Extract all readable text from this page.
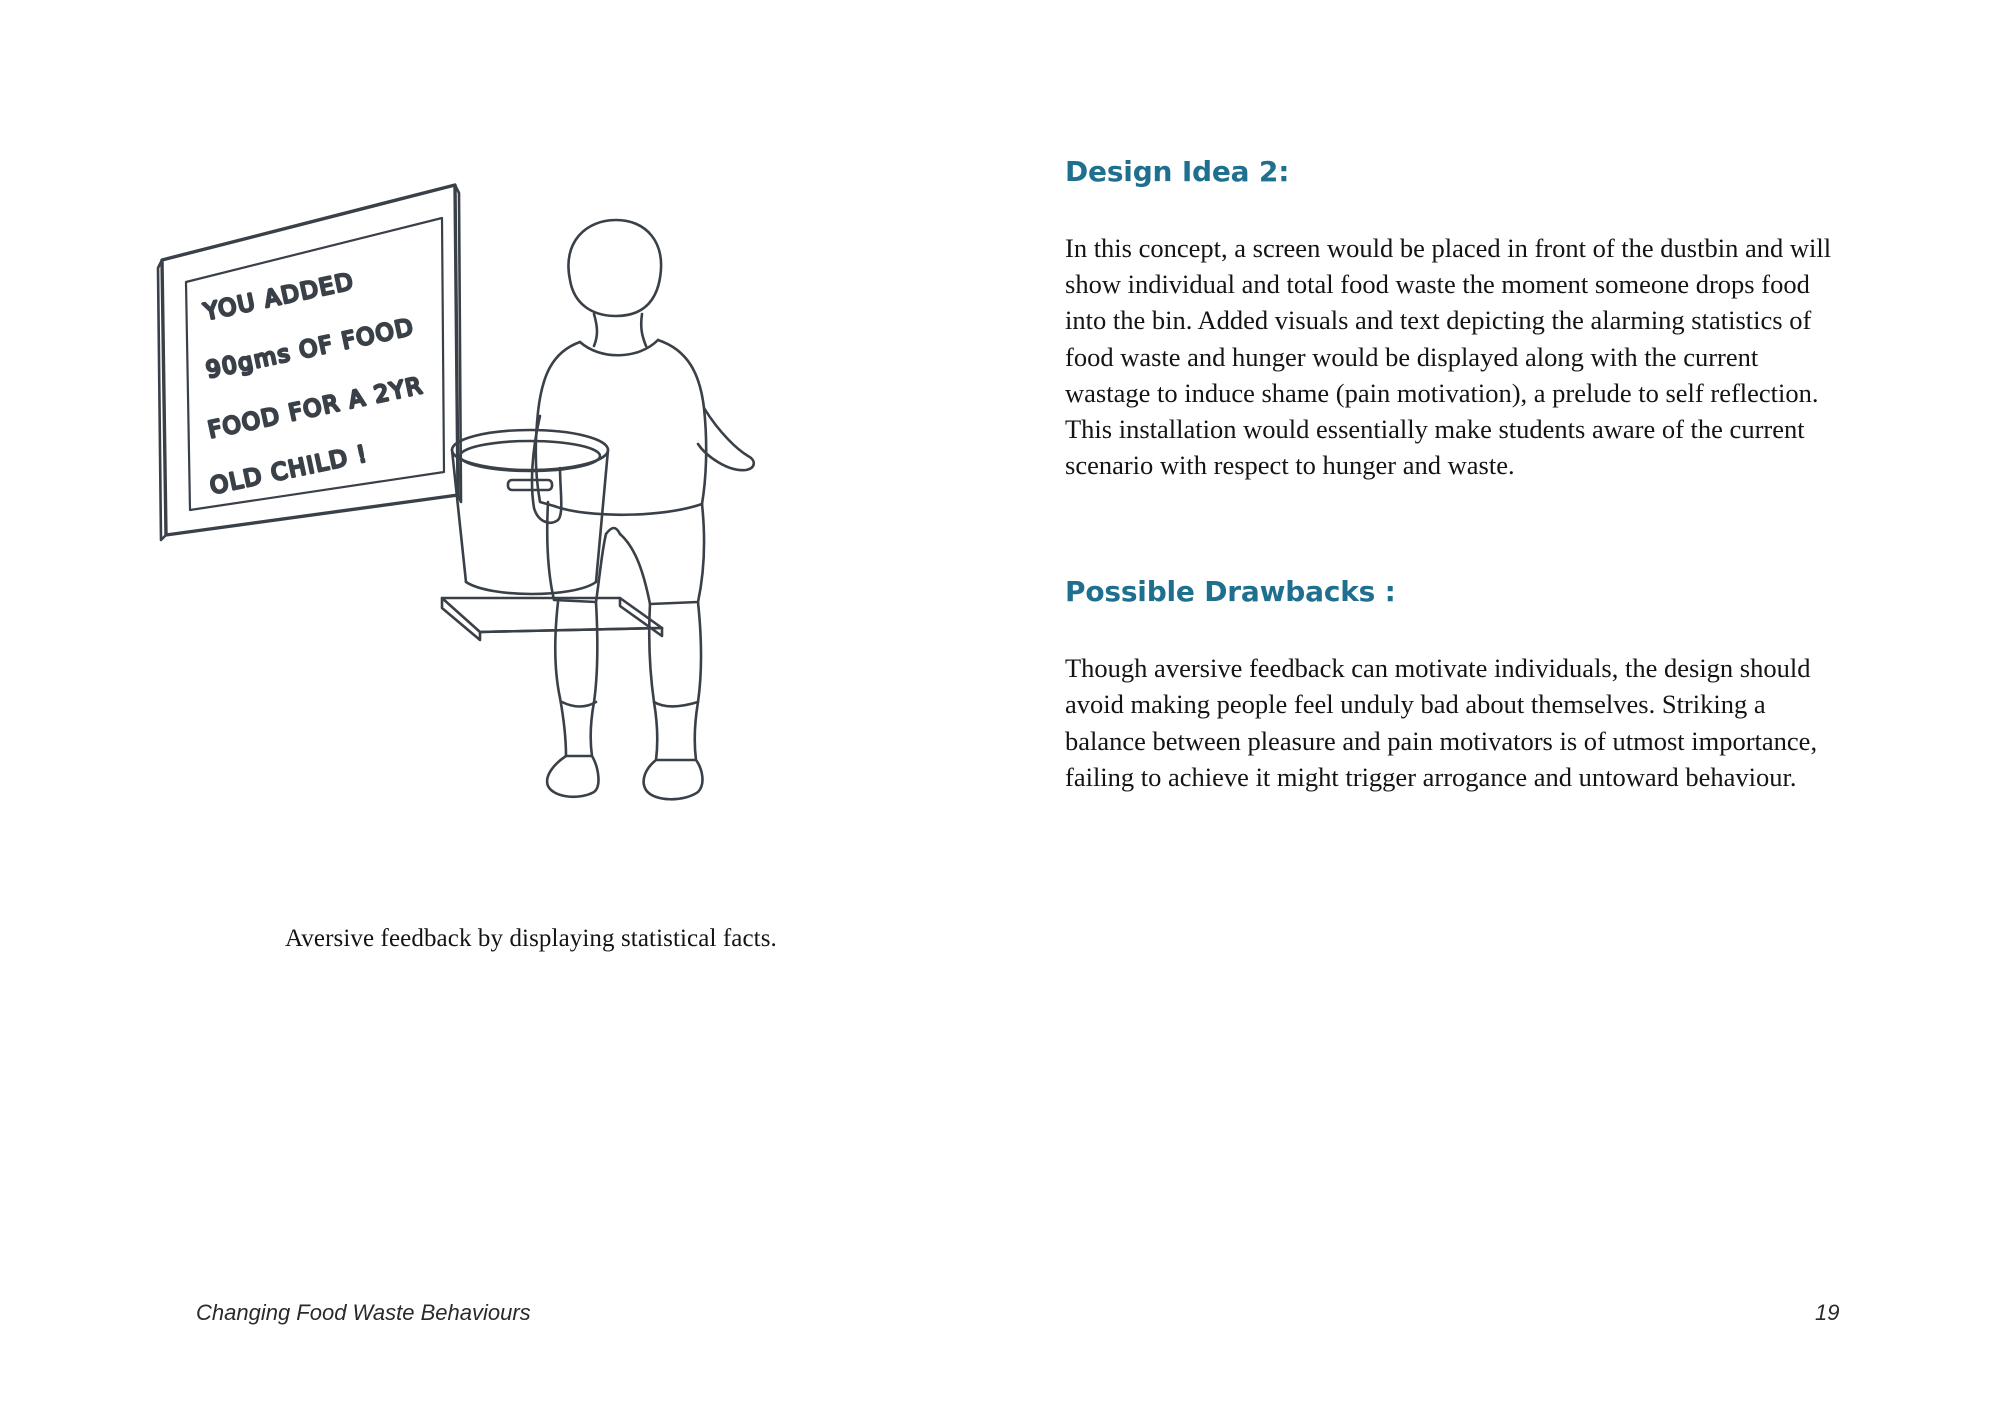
YOU ADDED
90gms OF FOOD
FOOD FOR A 2YR
OLD CHILD !
Aversive feedback by displaying statistical facts.
Design Idea 2:

In this concept, a screen would be placed in front of the dustbin and will show individual and total food waste the moment someone drops food into the bin. Added visuals and text depicting the alarming statistics of food waste and hunger would be displayed along with the current wastage to induce shame (pain motivation), a prelude to self reflection. This installation would essentially make students aware of the current scenario with respect to hunger and waste.

Possible Drawbacks :

Though aversive feedback can motivate individuals, the design should avoid making people feel unduly bad about themselves. Striking a balance between pleasure and pain motivators is of utmost importance, failing to achieve it might trigger arrogance and untoward behaviour.

Changing Food Waste Behaviours	19
